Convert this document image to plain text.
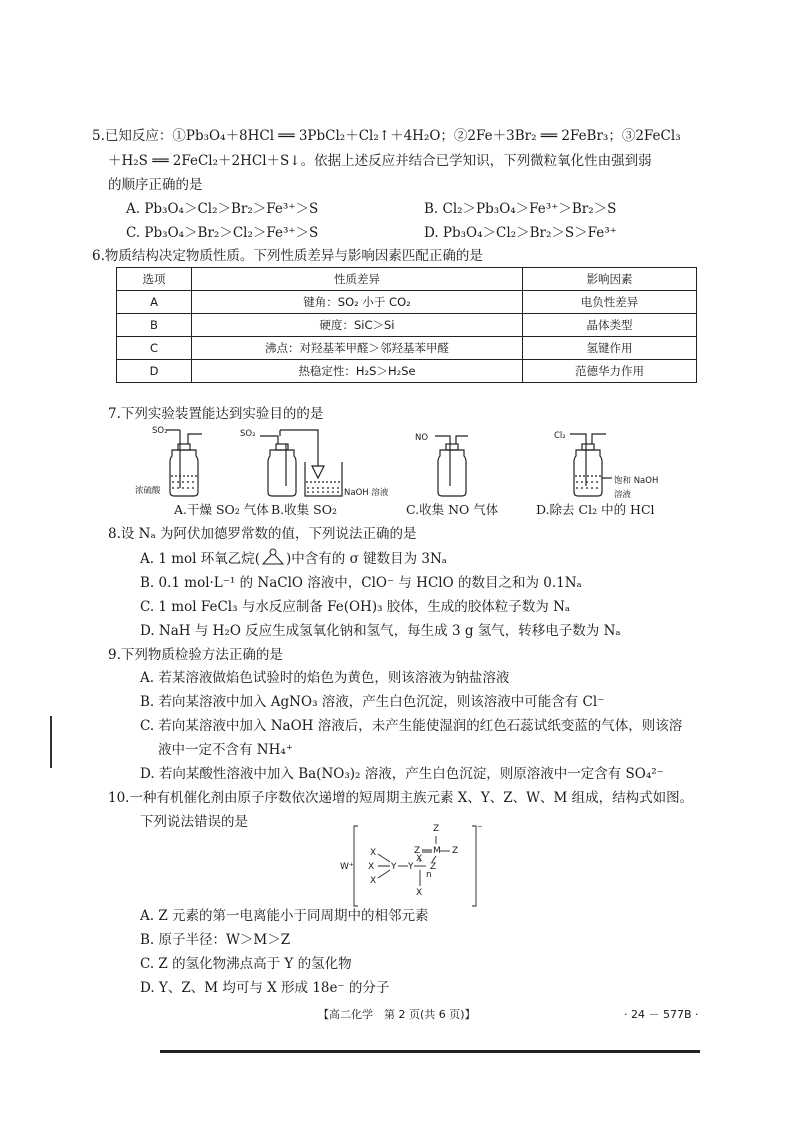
5.已知反应：①Pb₃O₄＋8HCl ══ 3PbCl₂＋Cl₂↑＋4H₂O；②2Fe＋3Br₂ ══ 2FeBr₃；③2FeCl₃
＋H₂S ══ 2FeCl₂＋2HCl＋S↓。依据上述反应并结合已学知识，下列微粒氧化性由强到弱
的顺序正确的是
A. Pb₃O₄＞Cl₂＞Br₂＞Fe³⁺＞S	B. Cl₂＞Pb₃O₄＞Fe³⁺＞Br₂＞S
C. Pb₃O₄＞Br₂＞Cl₂＞Fe³⁺＞S	D. Pb₃O₄＞Cl₂＞Br₂＞S＞Fe³⁺
6.物质结构决定物质性质。下列性质差异与影响因素匹配正确的是
选项	性质差异	影响因素
A	键角：SO₂ 小于 CO₂	电负性差异
B	硬度：SiC＞Si	晶体类型
C	沸点：对羟基苯甲醛＞邻羟基苯甲醛	氢键作用
D	热稳定性：H₂S＞H₂Se	范德华力作用
7.下列实验装置能达到实验目的的是
SO₂
浓硫酸
SO₂
NaOH 溶液
NO	Cl₂
饱和 NaOH
溶液
A.干燥 SO₂ 气体 B.收集 SO₂	C.收集 NO 气体	D.除去 Cl₂ 中的 HCl
8.设 Nₐ 为阿伏加德罗常数的值，下列说法正确的是
A. 1 mol 环氧乙烷( )中含有的 σ 键数目为 3Nₐ
B. 0.1 mol·L⁻¹ 的 NaClO 溶液中，ClO⁻ 与 HClO 的数目之和为 0.1Nₐ
C. 1 mol FeCl₃ 与水反应制备 Fe(OH)₃ 胶体，生成的胶体粒子数为 Nₐ
D. NaH 与 H₂O 反应生成氢氧化钠和氢气，每生成 3 g 氢气，转移电子数为 Nₐ
9.下列物质检验方法正确的是
A. 若某溶液做焰色试验时的焰色为黄色，则该溶液为钠盐溶液
B. 若向某溶液中加入 AgNO₃ 溶液，产生白色沉淀，则该溶液中可能含有 Cl⁻
C. 若向某溶液中加入 NaOH 溶液后，未产生能使湿润的红色石蕊试纸变蓝的气体，则该溶
液中一定不含有 NH₄⁺
D. 若向某酸性溶液中加入 Ba(NO₃)₂ 溶液，产生白色沉淀，则原溶液中一定含有 SO₄²⁻
10.一种有机催化剂由原子序数依次递增的短周期主族元素 X、Y、Z、W、M 组成，结构式如图。
下列说法错误的是
W⁺
Z
Z M Z
X
Z
X
X
X
Y Y
n
X
⁻
A. Z 元素的第一电离能小于同周期中的相邻元素
B. 原子半径：W＞M＞Z
C. Z 的氢化物沸点高于 Y 的氢化物
D. Y、Z、M 均可与 X 形成 18e⁻ 的分子
【高二化学　第 2 页(共 6 页)】	· 24 － 577B ·
